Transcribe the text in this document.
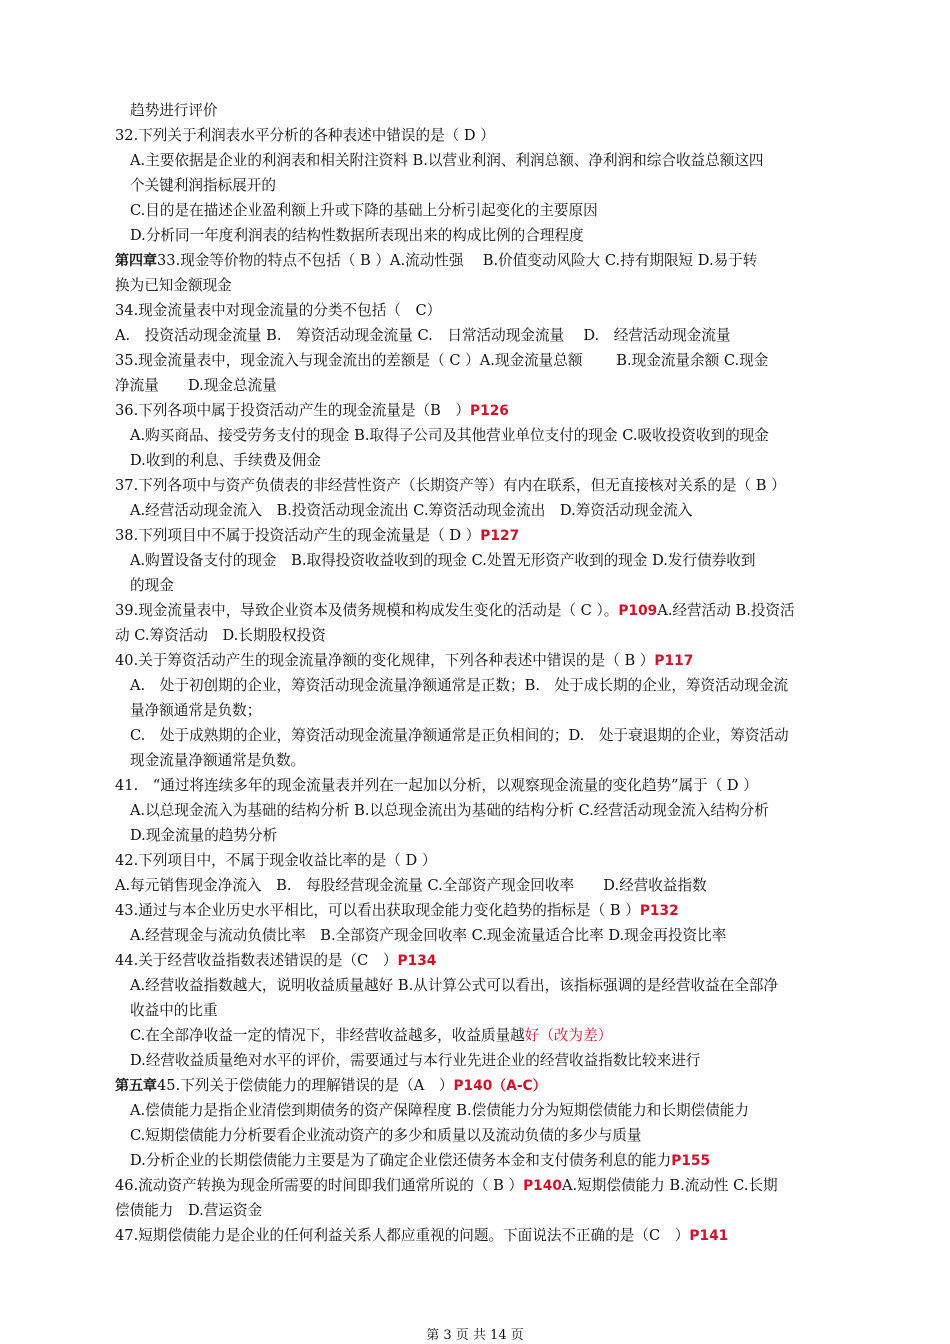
趋势进行评价
32.下列关于利润表水平分析的各种表述中错误的是（ D ）
A.主要依据是企业的利润表和相关附注资料 B.以营业利润、利润总额、净利润和综合收益总额这四
个关键利润指标展开的
C.目的是在描述企业盈利额上升或下降的基础上分析引起变化的主要原因
D.分析同一年度利润表的结构性数据所表现出来的构成比例的合理程度
第四章33.现金等价物的特点不包括（ B ）A.流动性强　 B.价值变动风险大 C.持有期限短 D.易于转
换为已知金额现金
34.现金流量表中对现金流量的分类不包括（　C）
A.　投资活动现金流量 B.　筹资活动现金流量 C.　日常活动现金流量　 D.　经营活动现金流量
35.现金流量表中，现金流入与现金流出的差额是（ C ）A.现金流量总额　　 B.现金流量余额 C.现金
净流量　　D.现金总流量
36.下列各项中属于投资活动产生的现金流量是（B　）P126
A.购买商品、接受劳务支付的现金 B.取得子公司及其他营业单位支付的现金 C.吸收投资收到的现金
D.收到的利息、手续费及佣金
37.下列各项中与资产负债表的非经营性资产（长期资产等）有内在联系，但无直接核对关系的是（ B ）
A.经营活动现金流入　B.投资活动现金流出 C.筹资活动现金流出　D.筹资活动现金流入
38.下列项目中不属于投资活动产生的现金流量是（ D ）P127
A.购置设备支付的现金　B.取得投资收益收到的现金 C.处置无形资产收到的现金 D.发行债券收到
的现金
39.现金流量表中，导致企业资本及债务规模和构成发生变化的活动是（ C ）。P109A.经营活动 B.投资活
动 C.筹资活动　D.长期股权投资
40.关于筹资活动产生的现金流量净额的变化规律，下列各种表述中错误的是（ B ）P117
A.　处于初创期的企业，筹资活动现金流量净额通常是正数；B.　处于成长期的企业，筹资活动现金流
量净额通常是负数；
C.　处于成熟期的企业，筹资活动现金流量净额通常是正负相间的；D.　处于衰退期的企业，筹资活动
现金流量净额通常是负数。
41.　“通过将连续多年的现金流量表并列在一起加以分析，以观察现金流量的变化趋势”属于（ D ）
A.以总现金流入为基础的结构分析 B.以总现金流出为基础的结构分析 C.经营活动现金流入结构分析
D.现金流量的趋势分析
42.下列项目中，不属于现金收益比率的是（ D ）
A.每元销售现金净流入　B.　每股经营现金流量 C.全部资产现金回收率　　D.经营收益指数
43.通过与本企业历史水平相比，可以看出获取现金能力变化趋势的指标是（ B ）P132
A.经营现金与流动负债比率　B.全部资产现金回收率 C.现金流量适合比率 D.现金再投资比率
44.关于经营收益指数表述错误的是（C　）P134
A.经营收益指数越大，说明收益质量越好 B.从计算公式可以看出，该指标强调的是经营收益在全部净
收益中的比重
C.在全部净收益一定的情况下，非经营收益越多，收益质量越好（改为差）
D.经营收益质量绝对水平的评价，需要通过与本行业先进企业的经营收益指数比较来进行
第五章45.下列关于偿债能力的理解错误的是（A　）P140（A-C）
A.偿债能力是指企业清偿到期债务的资产保障程度 B.偿债能力分为短期偿债能力和长期偿债能力
C.短期偿债能力分析要看企业流动资产的多少和质量以及流动负债的多少与质量
D.分析企业的长期偿债能力主要是为了确定企业偿还债务本金和支付债务利息的能力P155
46.流动资产转换为现金所需要的时间即我们通常所说的（ B ）P140A.短期偿债能力 B.流动性 C.长期
偿债能力　D.营运资金
47.短期偿债能力是企业的任何利益关系人都应重视的问题。下面说法不正确的是（C　）P141
第 3 页 共 14 页
